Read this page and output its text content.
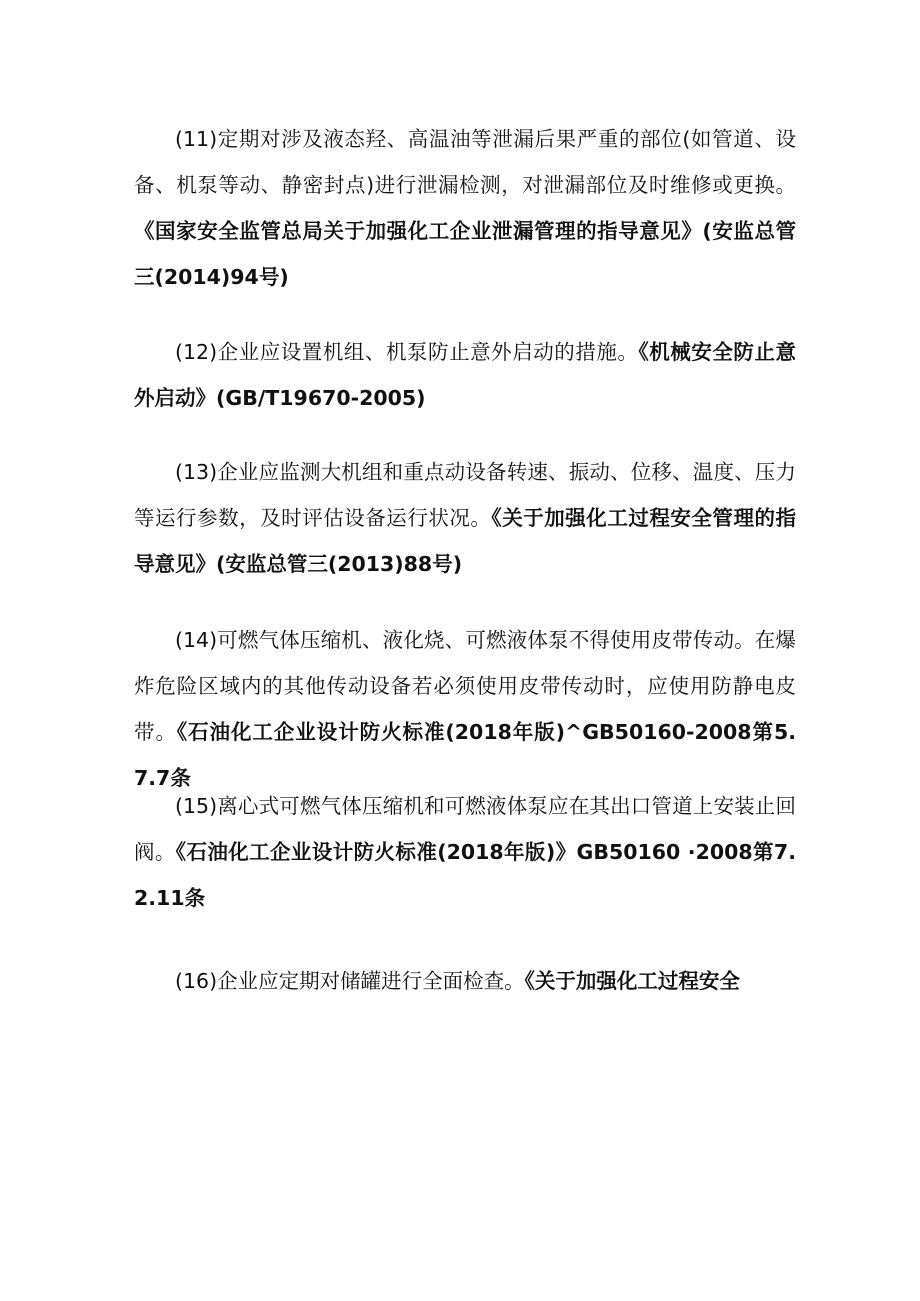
(11)定期对涉及液态羟、高温油等泄漏后果严重的部位(如管道、设备、机泵等动、静密封点)进行泄漏检测，对泄漏部位及时维修或更换。《国家安全监管总局关于加强化工企业泄漏管理的指导意见》(安监总管三(2014)94号)

(12)企业应设置机组、机泵防止意外启动的措施。《机械安全防止意外启动》(GB/T19670-2005)

(13)企业应监测大机组和重点动设备转速、振动、位移、温度、压力等运行参数，及时评估设备运行状况。《关于加强化工过程安全管理的指导意见》(安监总管三(2013)88号)

(14)可燃气体压缩机、液化烧、可燃液体泵不得使用皮带传动。在爆炸危险区域内的其他传动设备若必须使用皮带传动时，应使用防静电皮带。《石油化工企业设计防火标准(2018年版)^GB50160-2008第5.7.7条

(15)离心式可燃气体压缩机和可燃液体泵应在其出口管道上安装止回阀。《石油化工企业设计防火标准(2018年版)》GB50160 ·2008第7.2.11条

(16)企业应定期对储罐进行全面检查。《关于加强化工过程安全
